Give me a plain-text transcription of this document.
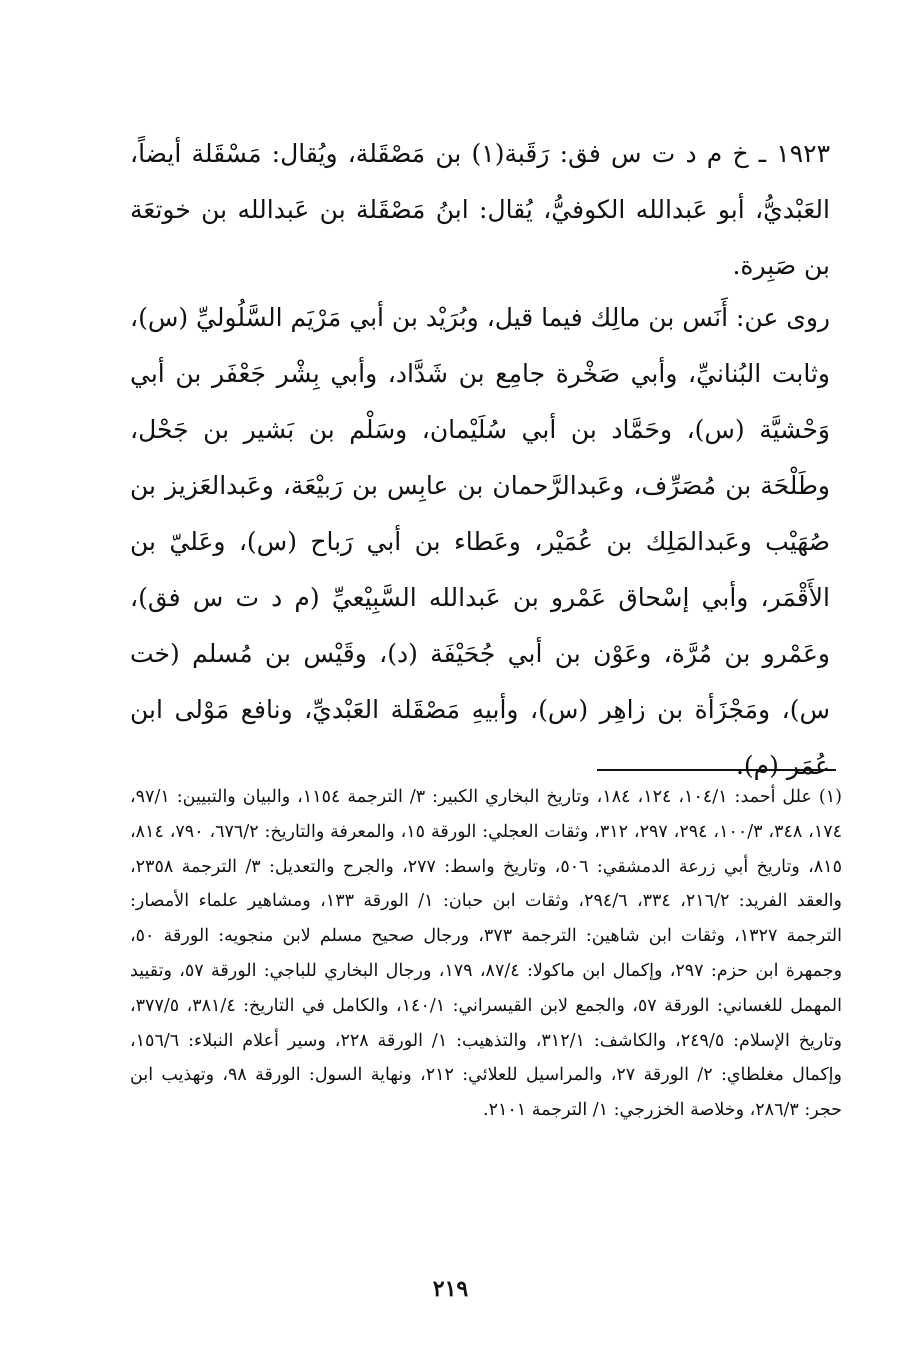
١٩٢٣ ـ خ م د ت س فق: رَقَبة(١) بن مَصْقَلة، ويُقال: مَسْقَلة أيضاً، العَبْديُّ، أبو عَبدالله الكوفيُّ، يُقال: ابنُ مَصْقَلة بن عَبدالله بن خوتعَة بن صَبِرة.

روى عن: أَنَس بن مالِك فيما قيل، وبُرَيْد بن أبي مَرْيَم السَّلُوليِّ (س)، وثابت البُنانيِّ، وأبي صَخْرة جامِع بن شَدَّاد، وأبي بِشْر جَعْفَر بن أبي وَحْشيَّة (س)، وحَمَّاد بن أبي سُلَيْمان، وسَلْم بن بَشير بن جَحْل، وطَلْحَة بن مُصَرِّف، وعَبدالرَّحمان بن عابِس بن رَبيْعَة، وعَبدالعَزيز بن صُهَيْب وعَبدالمَلِك بن عُمَيْر، وعَطاء بن أبي رَباح (س)، وعَليّ بن الأَقْمَر، وأبي إسْحاق عَمْرو بن عَبدالله السَّبِيْعيِّ (م د ت س فق)، وعَمْرو بن مُرَّة، وعَوْن بن أبي جُحَيْفَة (د)، وقَيْس بن مُسلم (خت س)، ومَجْزَأة بن زاهِر (س)، وأبيهِ مَصْقَلة العَبْديِّ، ونافع مَوْلى ابن عُمَر (م).

(١) علل أحمد: ١٠٤/١، ١٢٤، ١٨٤، وتاريخ البخاري الكبير: ٣/ الترجمة ١١٥٤، والبيان والتبيين: ٩٧/١، ١٧٤، ٣٤٨، ١٠٠/٣، ٢٩٤، ٢٩٧، ٣١٢، وثقات العجلي: الورقة ١٥، والمعرفة والتاريخ: ٦٧٦/٢، ٧٩٠، ٨١٤، ٨١٥، وتاريخ أبي زرعة الدمشقي: ٥٠٦، وتاريخ واسط: ٢٧٧، والجرح والتعديل: ٣/ الترجمة ٢٣٥٨، والعقد الفريد: ٢١٦/٢، ٣٣٤، ٢٩٤/٦، وثقات ابن حبان: ١/ الورقة ١٣٣، ومشاهير علماء الأمصار: الترجمة ١٣٢٧، وثقات ابن شاهين: الترجمة ٣٧٣، ورجال صحيح مسلم لابن منجويه: الورقة ٥٠، وجمهرة ابن حزم: ٢٩٧، وإكمال ابن ماكولا: ٨٧/٤، ١٧٩، ورجال البخاري للباجي: الورقة ٥٧، وتقييد المهمل للغساني: الورقة ٥٧، والجمع لابن القيسراني: ١٤٠/١، والكامل في التاريخ: ٣٨١/٤، ٣٧٧/٥، وتاريخ الإسلام: ٢٤٩/٥، والكاشف: ٣١٢/١، والتذهيب: ١/ الورقة ٢٢٨، وسير أعلام النبلاء: ١٥٦/٦، وإكمال مغلطاي: ٢/ الورقة ٢٧، والمراسيل للعلائي: ٢١٢، ونهاية السول: الورقة ٩٨، وتهذيب ابن حجر: ٢٨٦/٣، وخلاصة الخزرجي: ١/ الترجمة ٢١٠١.

٢١٩
